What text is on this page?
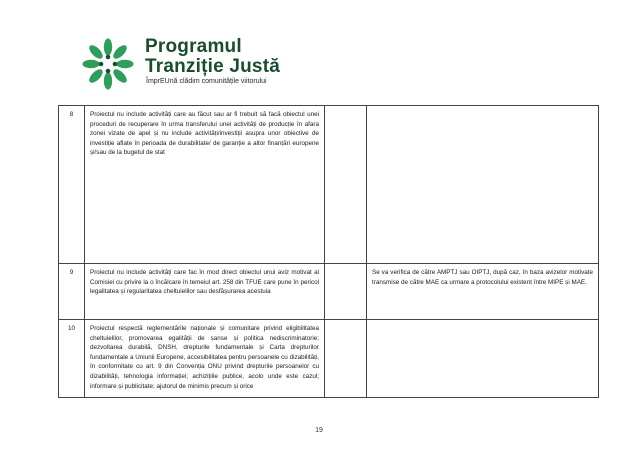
Programul
Tranziție Justă
ÎmprEUnă clădim comunitățile viitorului
8	Proiectul nu include activități care au făcut sau ar fi trebuit să facă obiectul unei proceduri de recuperare în urma transferului unei activități de producție în afara zonei vizate de apel și nu include activități/investiții asupra unor obiective de investiție aflate în perioada de durabilitate/ de garanție a altor finanțări europene și/sau de la bugetul de stat		

9	Proiectul nu include activități care fac în mod direct obiectul unui aviz motivat al Comisiei cu privire la o încălcare în temeiul art. 258 din TFUE care pune în pericol legalitatea și regularitatea cheltuielilor sau desfășurarea acestuia		Se va verifica de către AMPTJ sau OIPTJ, după caz, în baza avizelor motivate transmise de către MAE ca urmare a protocolului existent între MIPE și MAE.
10	Proiectul respectă reglementările naționale și comunitare privind eligibilitatea cheltuielilor, promovarea egalității de șanse și politica nediscriminatorie; dezvoltarea durabilă, DNSH, drepturile fundamentale și Carta drepturilor fundamentale a Uniunii Europene, accesibilitatea pentru persoanele cu dizabilități, în conformitate cu art. 9 din Convenția ONU privind drepturile persoanelor cu dizabilități, tehnologia informației; achizițiile publice, acolo unde este cazul; informare și publicitate; ajutorul de minimis precum și orice		

19
